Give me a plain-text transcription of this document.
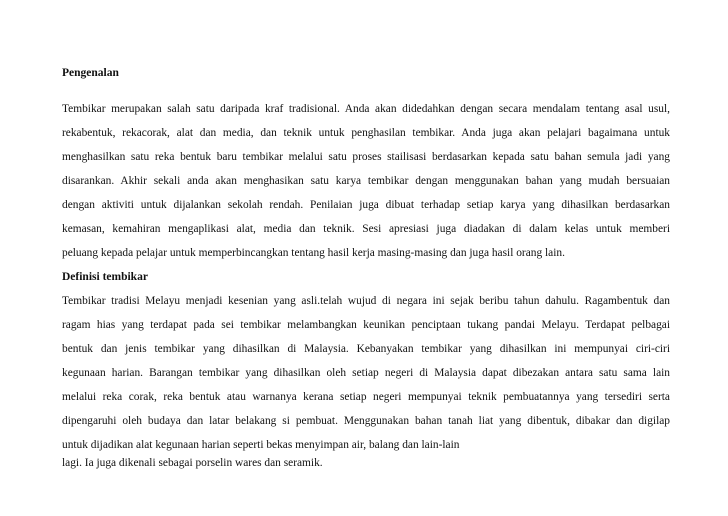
Pengenalan
Tembikar merupakan salah satu daripada kraf tradisional. Anda akan didedahkan dengan secara mendalam tentang asal usul,
rekabentuk, rekacorak, alat dan media, dan teknik untuk penghasilan tembikar. Anda juga akan pelajari bagaimana untuk
menghasilkan satu reka bentuk baru tembikar melalui satu proses stailisasi berdasarkan kepada satu bahan semula jadi yang
disarankan. Akhir sekali anda akan menghasikan satu karya tembikar dengan menggunakan bahan yang mudah bersuaian
dengan aktiviti untuk dijalankan sekolah rendah. Penilaian juga dibuat terhadap setiap karya yang dihasilkan berdasarkan
kemasan, kemahiran mengaplikasi alat, media dan teknik. Sesi apresiasi juga diadakan di dalam kelas untuk memberi
peluang kepada pelajar untuk memperbincangkan tentang hasil kerja masing-masing dan juga hasil orang lain.
Definisi tembikar
Tembikar tradisi Melayu menjadi kesenian yang asli.telah wujud di negara ini sejak beribu tahun dahulu. Ragambentuk dan
ragam hias yang terdapat pada sei tembikar melambangkan keunikan penciptaan tukang pandai Melayu. Terdapat pelbagai
bentuk dan jenis tembikar yang dihasilkan di Malaysia. Kebanyakan tembikar yang dihasilkan ini mempunyai ciri-ciri
kegunaan harian. Barangan tembikar yang dihasilkan oleh setiap negeri di Malaysia dapat dibezakan antara satu sama lain
melalui reka corak, reka bentuk atau warnanya kerana setiap negeri mempunyai teknik pembuatannya yang tersediri serta
dipengaruhi oleh budaya dan latar belakang si pembuat. Menggunakan bahan tanah liat yang dibentuk, dibakar dan digilap
untuk dijadikan alat kegunaan harian seperti bekas menyimpan air, balang dan lain-lain
lagi. Ia juga dikenali sebagai porselin wares dan seramik.
